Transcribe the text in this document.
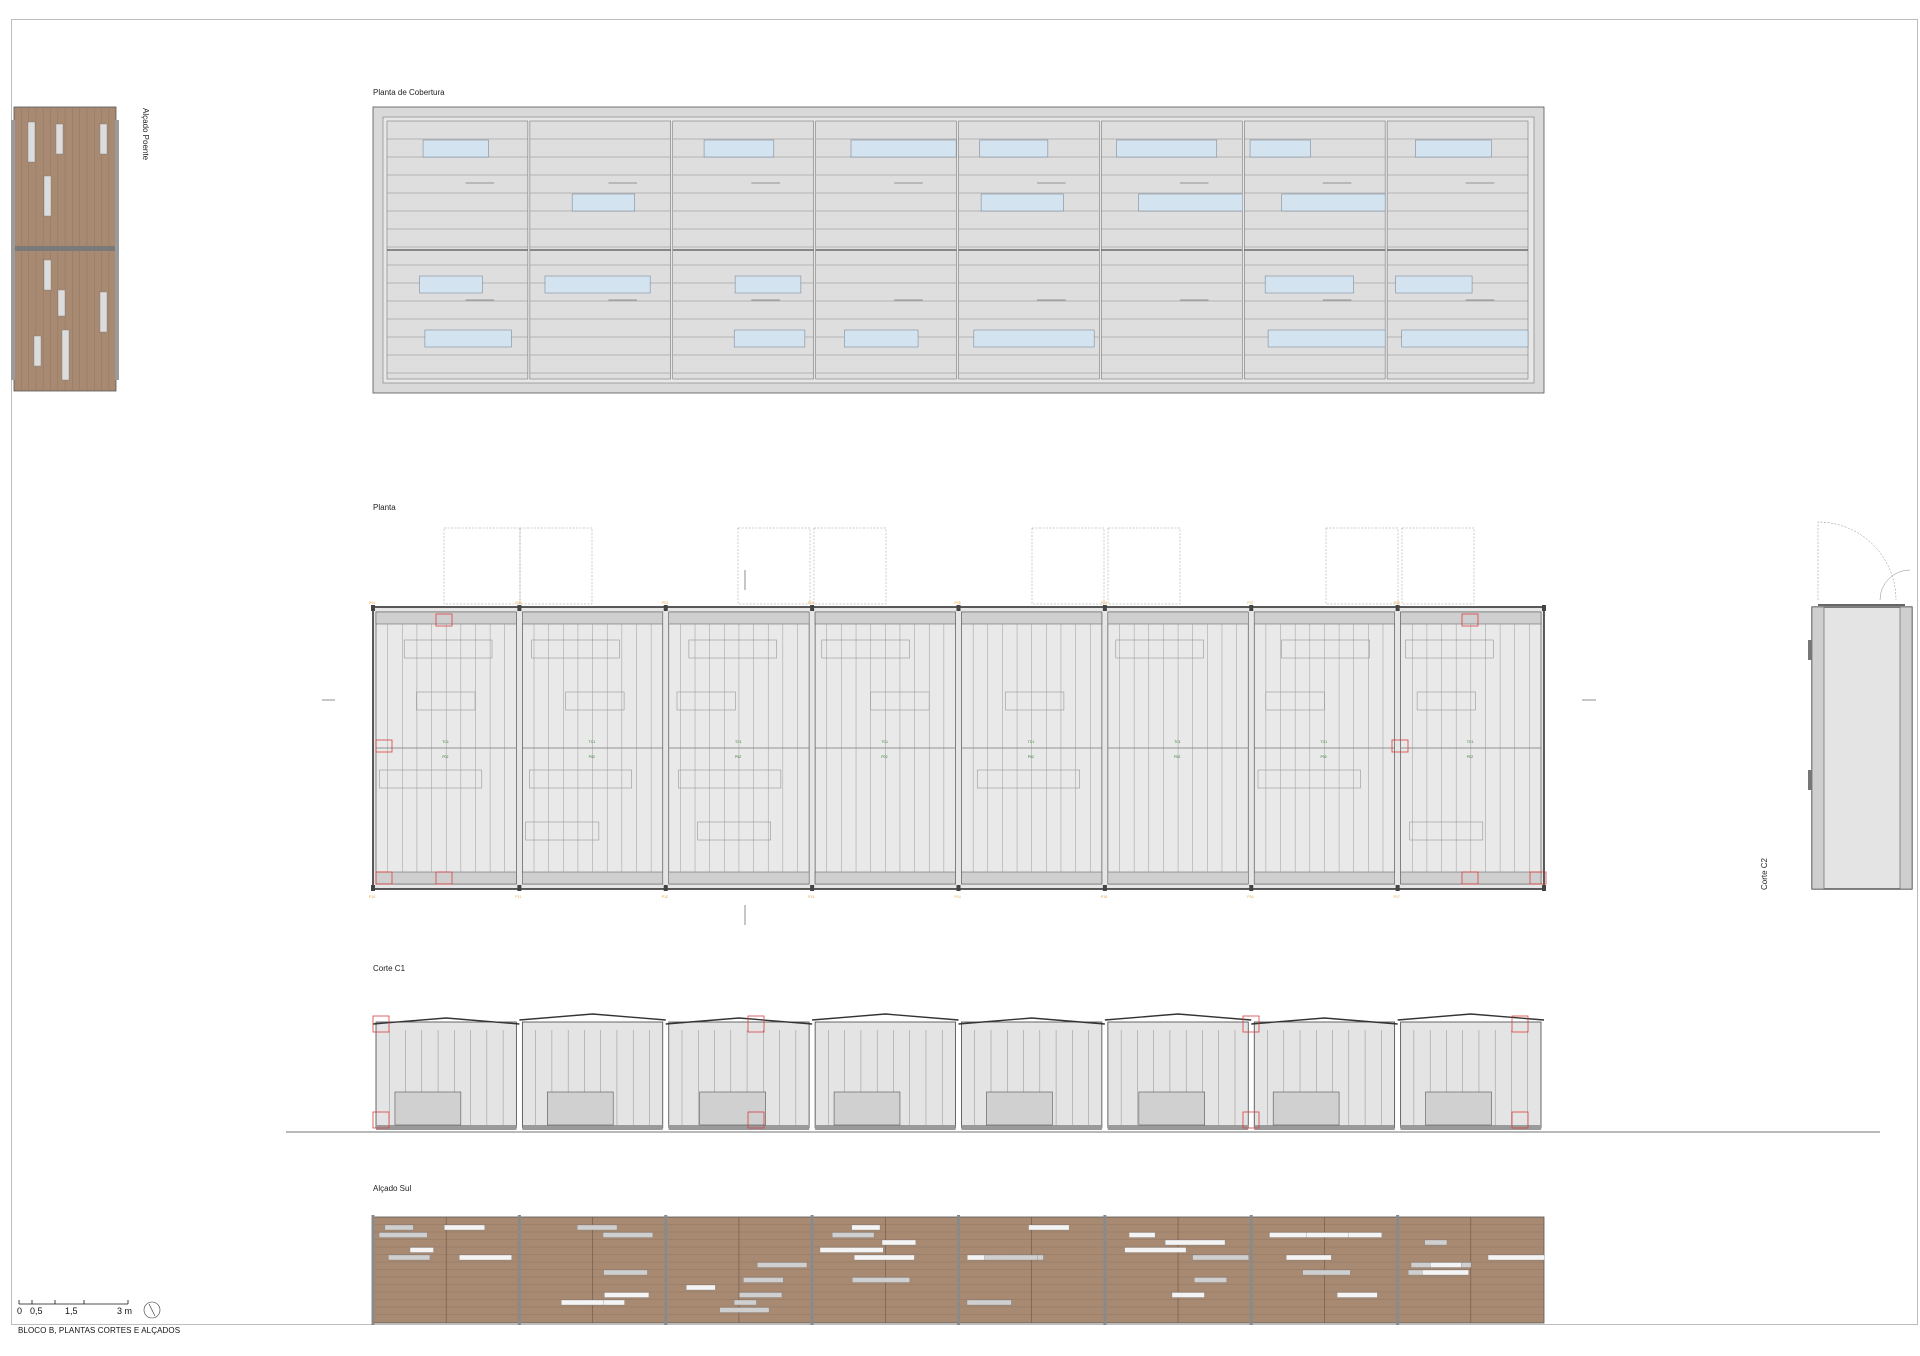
Planta de Cobertura
Planta
Corte C1
Alçado Sul
Alçado Poente
Corte C2
TC1
P02
P01
P10
TC1
P02
P02
P11
TC1
P02
P03
P12
TC1
P02
P04
P13
TC1
P02
P05
P14
TC1
P02
P06
P15
TC1
P02
P07
P16
TC1
P02
P08
P17
0 0,5 1,5	3 m
BLOCO B, PLANTAS CORTES E ALÇADOS
